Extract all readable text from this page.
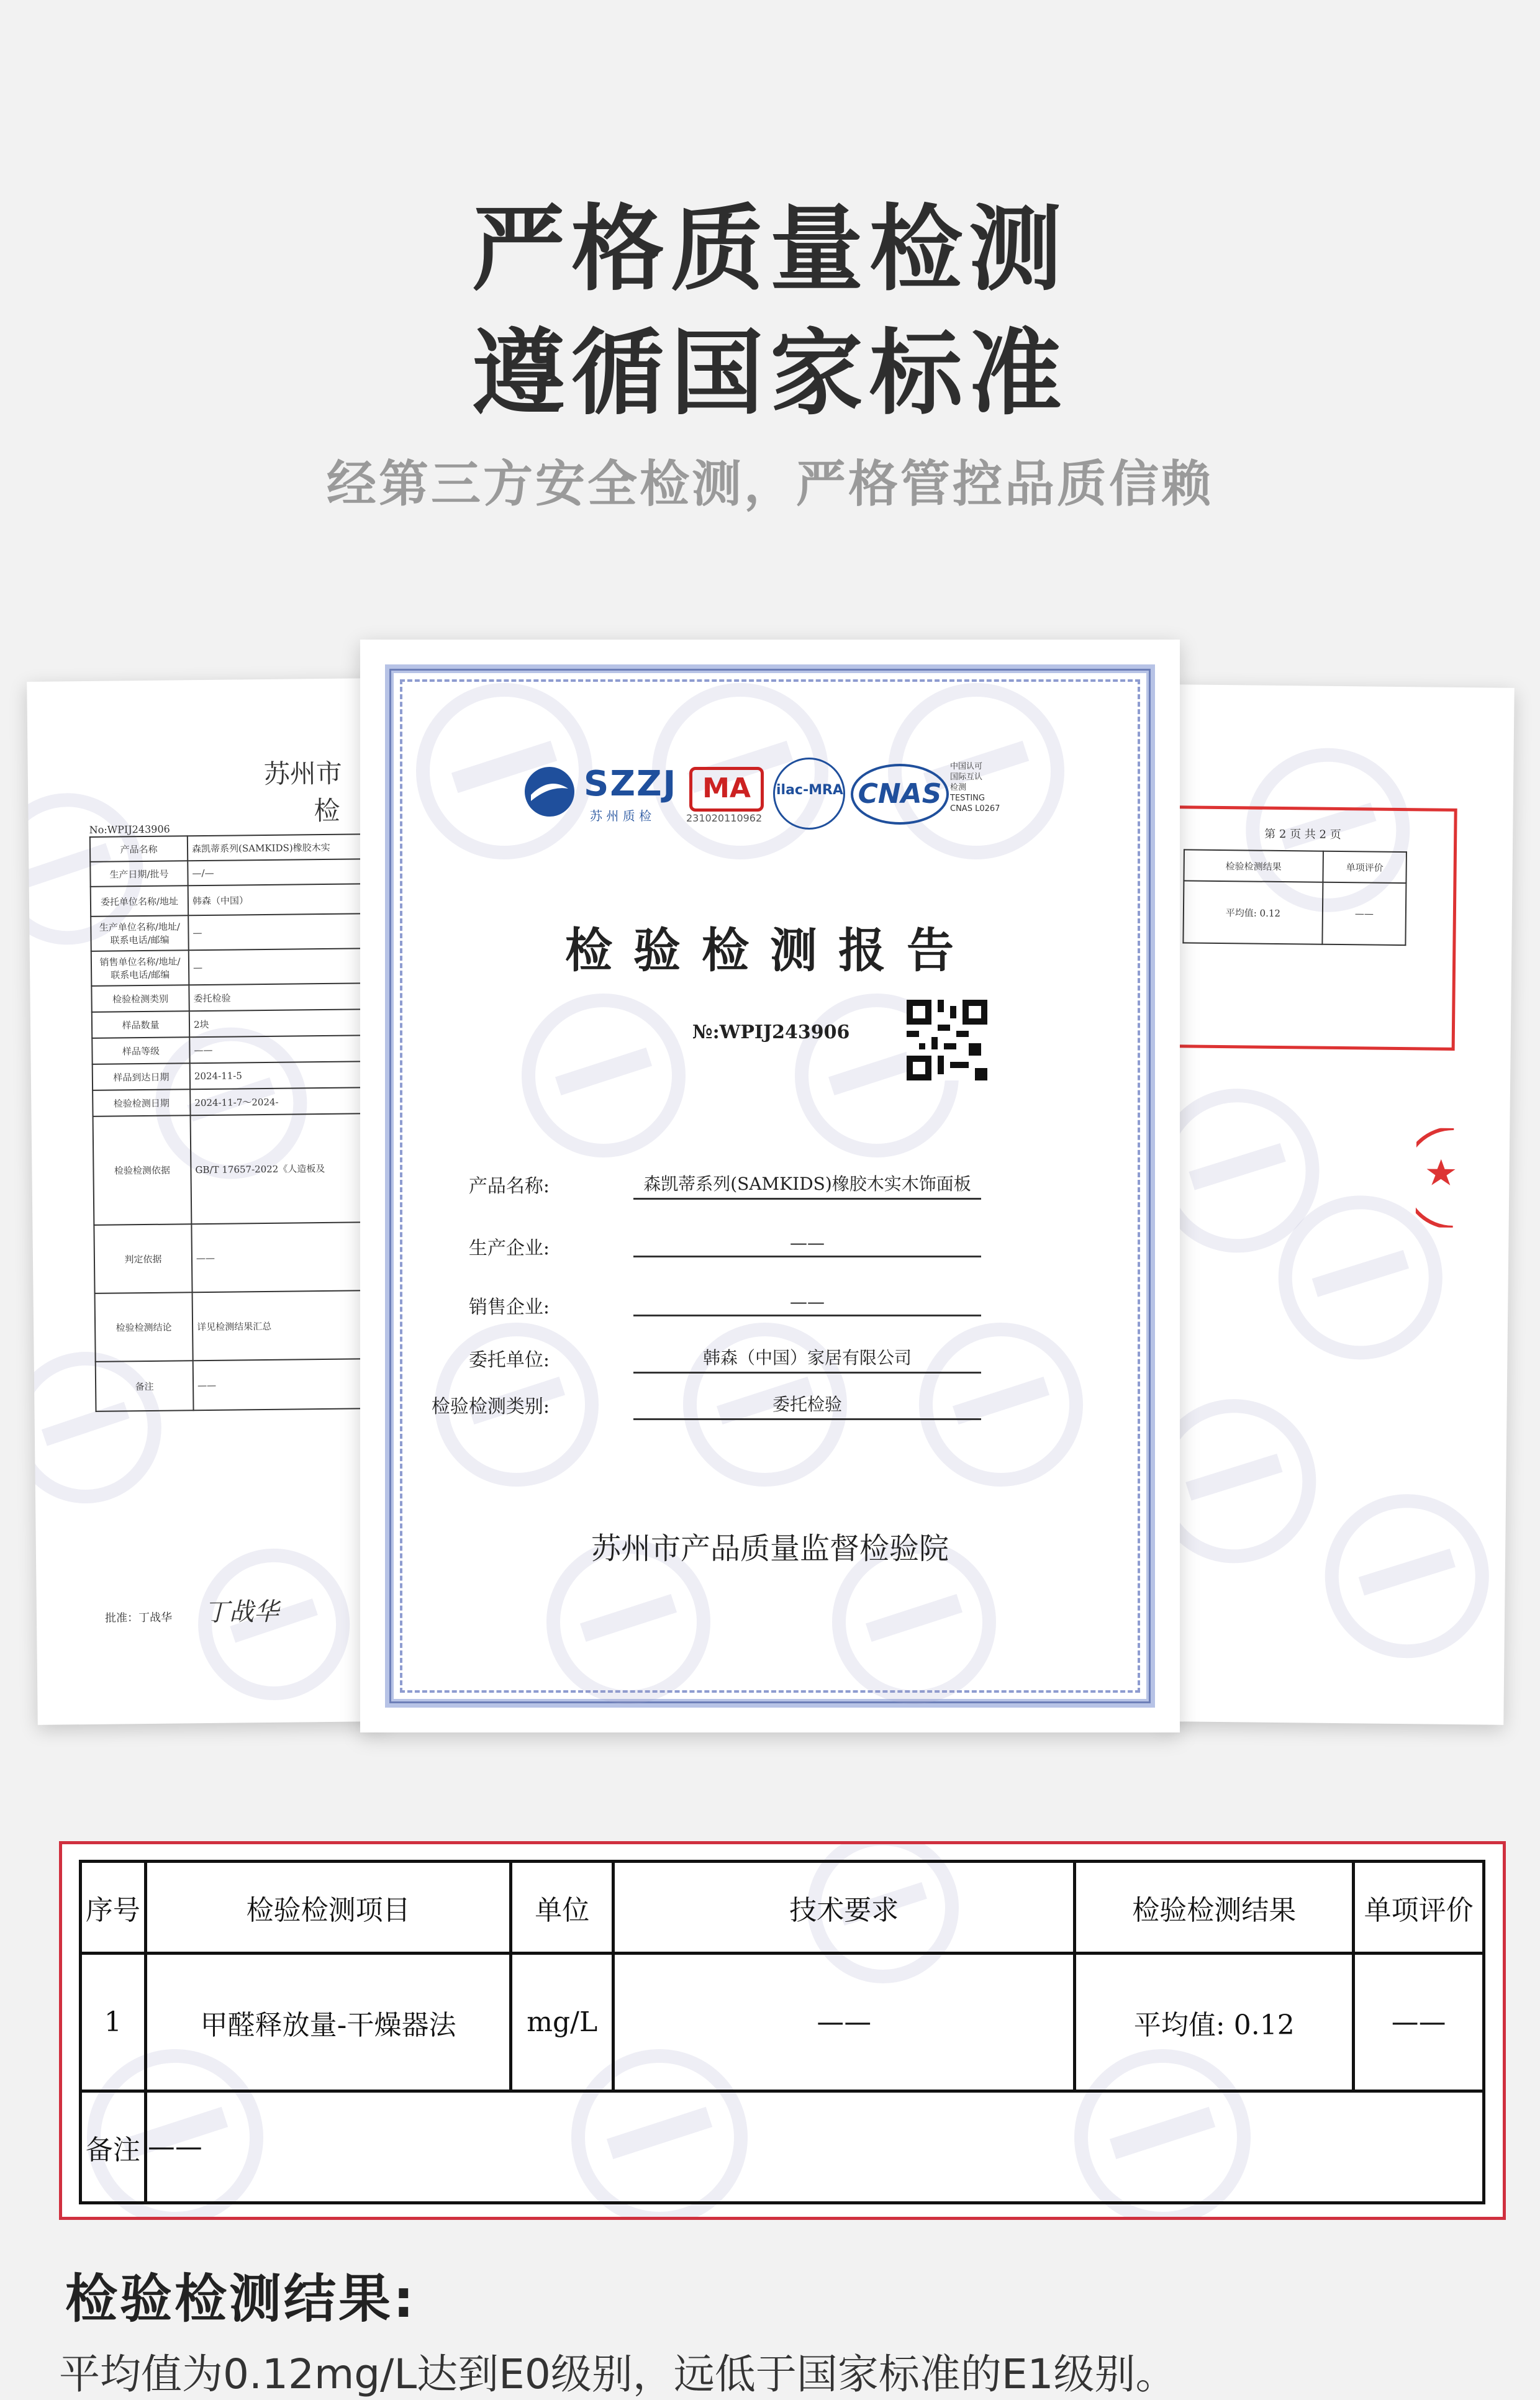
严格质量检测
遵循国家标准
经第三方安全检测，严格管控品质信赖
苏州市
检
No:WPIJ243906
产品名称	森凯蒂系列(SAMKIDS)橡胶木实
生产日期/批号	—/—
委托单位名称/地址	韩森（中国）
生产单位名称/地址/联系电话/邮编	—
销售单位名称/地址/联系电话/邮编	—
检验检测类别	委托检验
样品数量	2块
样品等级	——
样品到达日期	2024-11-5
检验检测日期	2024-11-7～2024-
检验检测依据	GB/T 17657-2022《人造板及
判定依据	——
检验检测结论	详见检测结果汇总
备注	——
批准：丁战华 丁战华
第 2 页 共 2 页
检验检测结果	单项评价
平均值: 0.12	——
SZZJ
苏 州 质 检
MA
231020110962
ilac-MRA CNAS
中国认可
国际互认
检测
TESTING
CNAS L0267
检验检测报告
№:WPIJ243906
产品名称:	森凯蒂系列(SAMKIDS)橡胶木实木饰面板
生产企业:	——
销售企业:	——
委托单位:	韩森（中国）家居有限公司
检验检测类别:	委托检验
苏州市产品质量监督检验院
序号	检验检测项目	单位	技术要求	检验检测结果	单项评价
1	甲醛释放量-干燥器法	mg/L	——	平均值: 0.12	——
备注	——				
检验检测结果:
平均值为0.12mg/L达到E0级别，远低于国家标准的E1级别。
